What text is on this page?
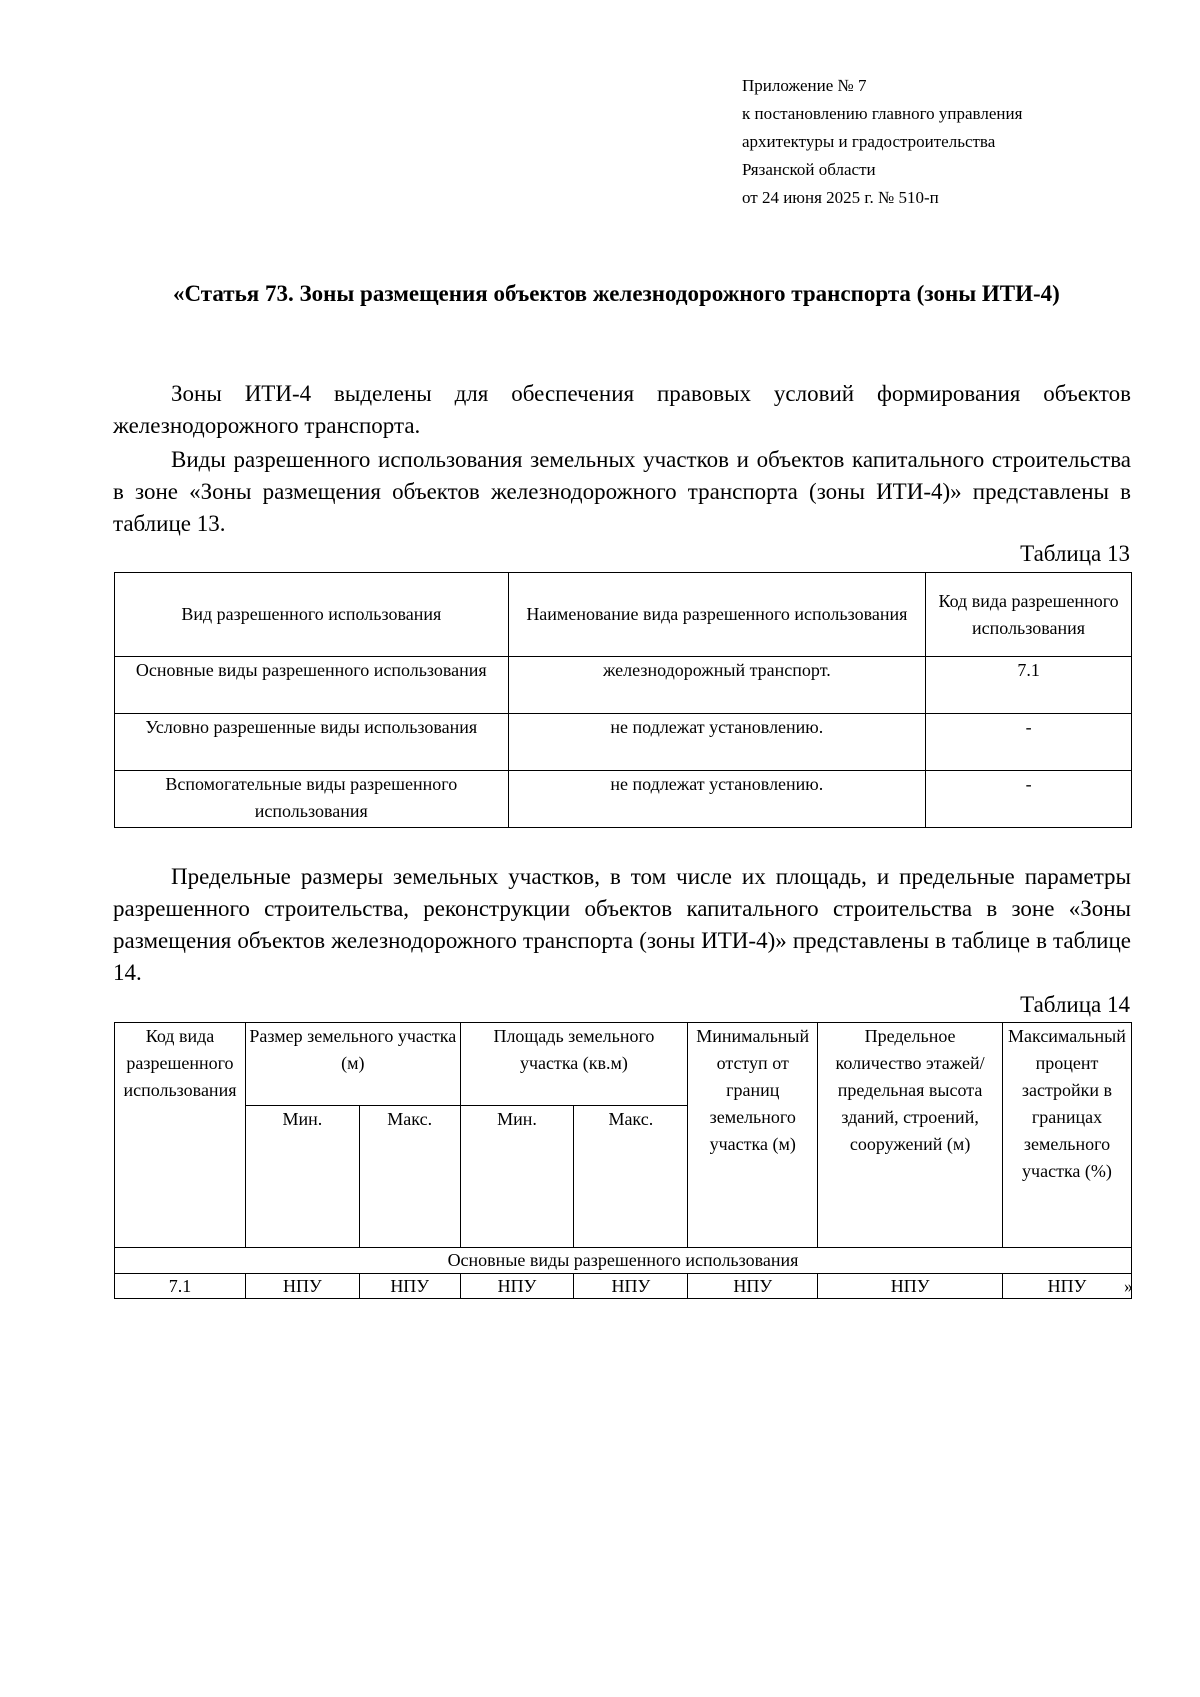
Приложение № 7
к постановлению главного управления
архитектуры и градостроительства
Рязанской области
от 24 июня 2025 г. № 510-п
«Статья 73. Зоны размещения объектов железнодорожного транспорта (зоны ИТИ-4)
Зоны ИТИ-4 выделены для обеспечения правовых условий формирования объектов железнодорожного транспорта.
Виды разрешенного использования земельных участков и объектов капитального строительства в зоне «Зоны размещения объектов железнодорожного транспорта (зоны ИТИ-4)» представлены в таблице 13.
Таблица 13
Вид разрешенного использования	Наименование вида разрешенного использования	Код вида разрешенного использования
Основные виды разрешенного использования	железнодорожный транспорт.	7.1
Условно разрешенные виды использования	не подлежат установлению.	-
Вспомогательные виды разрешенного использования	не подлежат установлению.	-
Предельные размеры земельных участков, в том числе их площадь, и предельные параметры разрешенного строительства, реконструкции объектов капитального строительства в зоне «Зоны размещения объектов железнодорожного транспорта (зоны ИТИ-4)» представлены в таблице в таблице 14.
Таблица 14
Код вида разрешенного использования	Размер земельного участка (м)		Площадь земельного участка (кв.м)		Минимальный отступ от границ земельного участка (м)	Предельное количество этажей/ предельная высота зданий, строений, сооружений (м)	Максимальный процент застройки в границах земельного участка (%)
	Мин.	Макс.	Мин.	Макс.			
Основные виды разрешенного использования							
7.1	НПУ	НПУ	НПУ	НПУ	НПУ	НПУ	НПУ »
